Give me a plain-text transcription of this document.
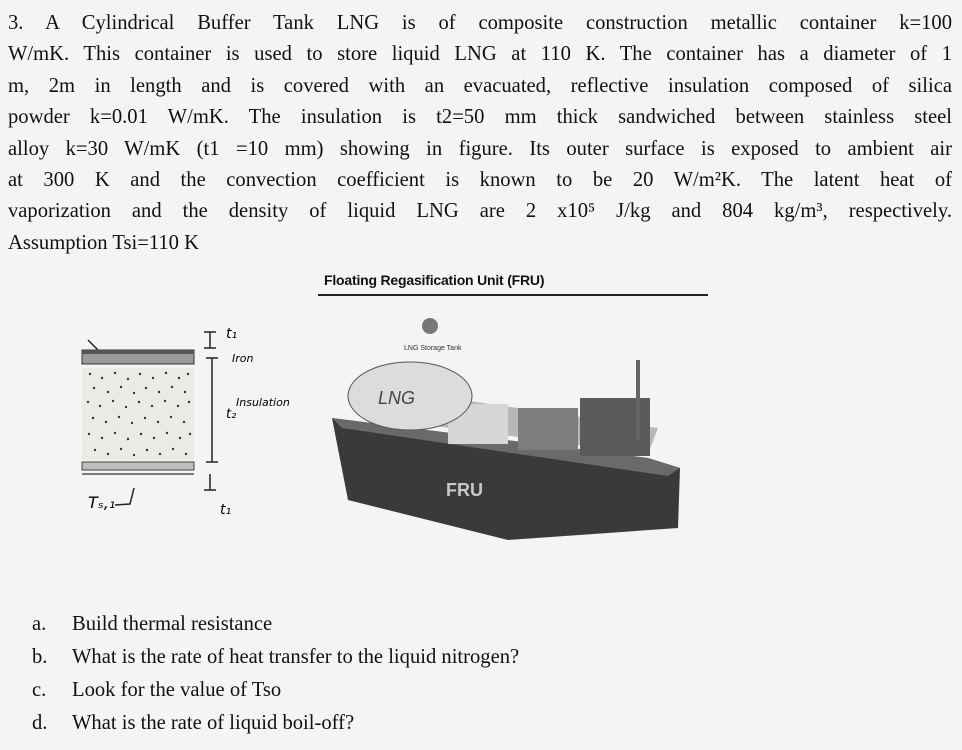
3. A Cylindrical Buffer Tank LNG is of composite construction metallic container k=100
W/mK. This container is used to store liquid LNG at 110 K. The container has a diameter of 1
m, 2m in length and is covered with an evacuated, reflective insulation composed of silica
powder k=0.01 W/mK. The insulation is t2=50 mm thick sandwiched between stainless steel
alloy k=30 W/mK (t1 =10 mm) showing in figure. Its outer surface is exposed to ambient air
at 300 K and the convection coefficient is known to be 20 W/m²K. The latent heat of
vaporization and the density of liquid LNG are 2 x10⁵ J/kg and 804 kg/m³, respectively.
Assumption Tsi=110 K
t₁
Iron
t₂
Insulation
t₁
Tₛ,₁
Floating Regasification Unit (FRU)
LNG
LNG Storage Tank
FRU
a.	Build thermal resistance
b.	What is the rate of heat transfer to the liquid nitrogen?
c.	Look for the value of Tso
d.	What is the rate of liquid boil-off?
